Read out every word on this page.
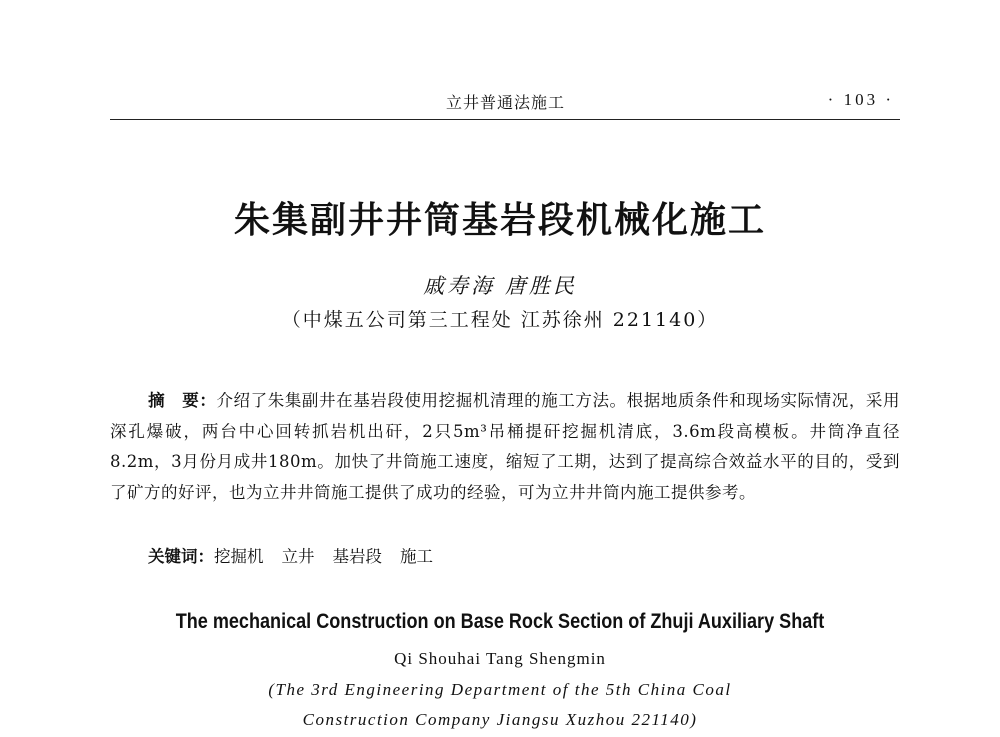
立井普通法施工	· 103 ·
朱集副井井筒基岩段机械化施工
戚寿海 唐胜民
（中煤五公司第三工程处 江苏徐州 221140）
摘　要：介绍了朱集副井在基岩段使用挖掘机清理的施工方法。根据地质条件和现场实际情况，采用深孔爆破，两台中心回转抓岩机出矸，2只5m³吊桶提矸挖掘机清底，3.6m段高模板。井筒净直径8.2m，3月份月成井180m。加快了井筒施工速度，缩短了工期，达到了提高综合效益水平的目的，受到了矿方的好评，也为立井井筒施工提供了成功的经验，可为立井井筒内施工提供参考。
关键词：挖掘机 立井 基岩段 施工
The mechanical Construction on Base Rock Section of Zhuji Auxiliary Shaft
Qi Shouhai Tang Shengmin
(The 3rd Engineering Department of the 5th China Coal
Construction Company Jiangsu Xuzhou 221140)
